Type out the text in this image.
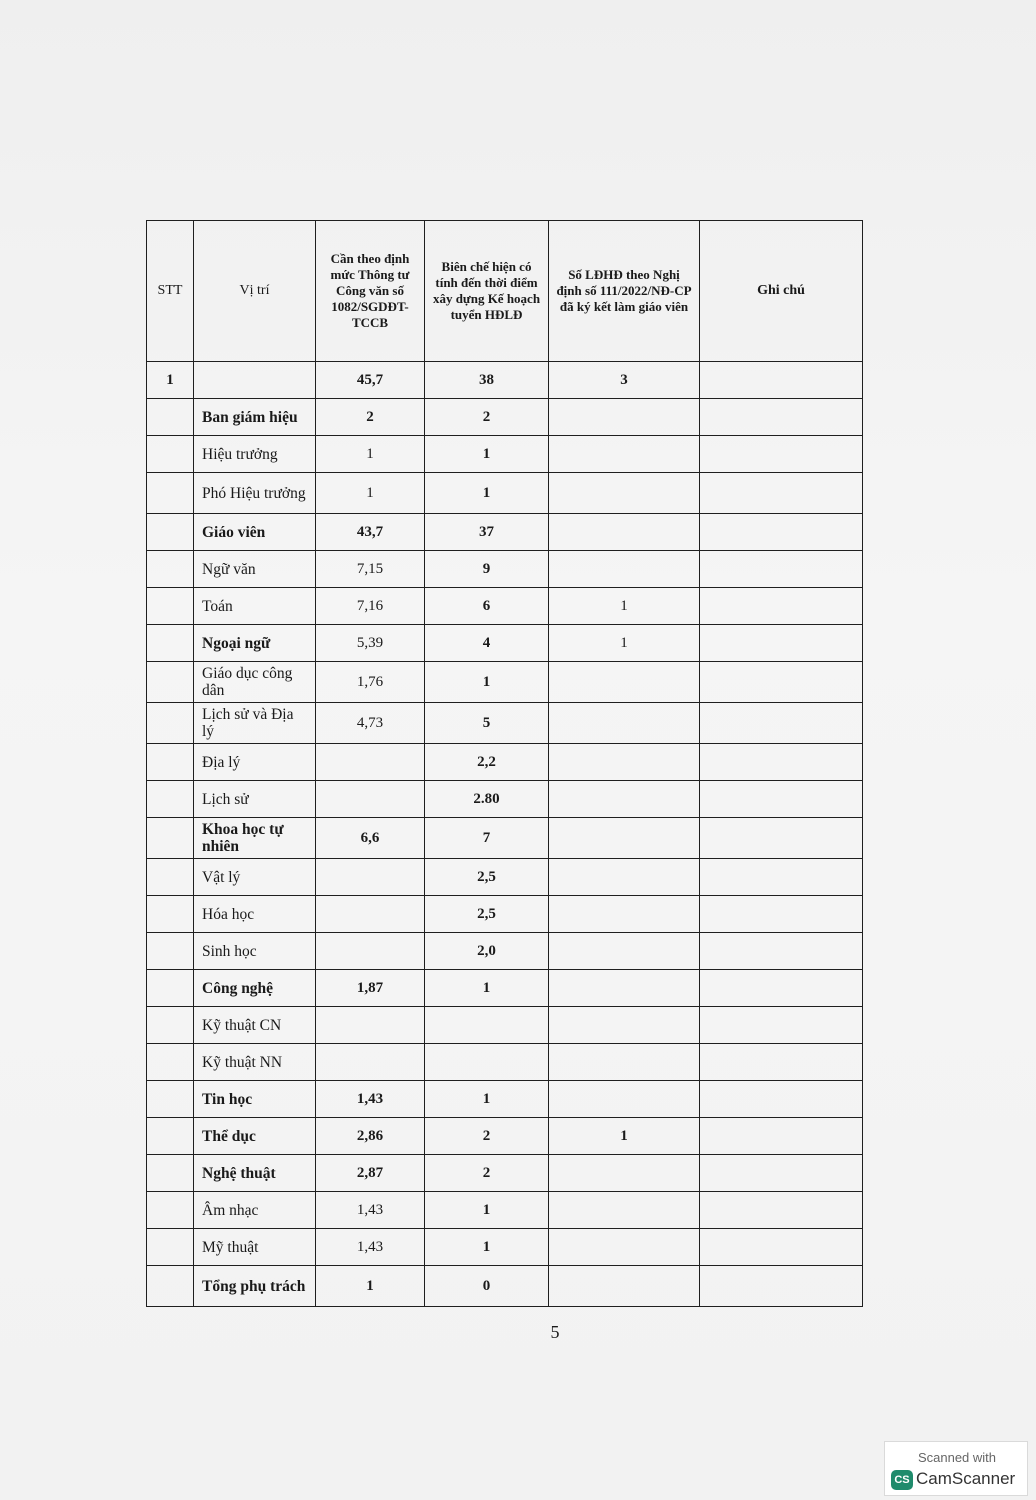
STT	Vị trí	Cần theo định mức Thông tư Công văn số 1082/SGDĐT-TCCB	Biên chế hiện có tính đến thời điểm xây dựng Kế hoạch tuyển HĐLĐ	Số LĐHĐ theo Nghị định số 111/2022/NĐ-CP đã ký kết làm giáo viên	Ghi chú
1		45,7	38	3	
	Ban giám hiệu	2	2		
	Hiệu trưởng	1	1		
	Phó Hiệu trưởng	1	1		
	Giáo viên	43,7	37		
	Ngữ văn	7,15	9		
	Toán	7,16	6	1	
	Ngoại ngữ	5,39	4	1	
	Giáo dục công dân	1,76	1		
	Lịch sử và Địa lý	4,73	5		
	Địa lý		2,2		
	Lịch sử		2.80		
	Khoa học tự nhiên	6,6	7		
	Vật lý		2,5		
	Hóa học		2,5		
	Sinh học		2,0		
	Công nghệ	1,87	1		
	Kỹ thuật CN				
	Kỹ thuật NN				
	Tin học	1,43	1		
	Thể dục	2,86	2	1	
	Nghệ thuật	2,87	2		
	Âm nhạc	1,43	1		
	Mỹ thuật	1,43	1		
	Tổng phụ trách	1	0		
5
Scanned with
CS CamScanner
